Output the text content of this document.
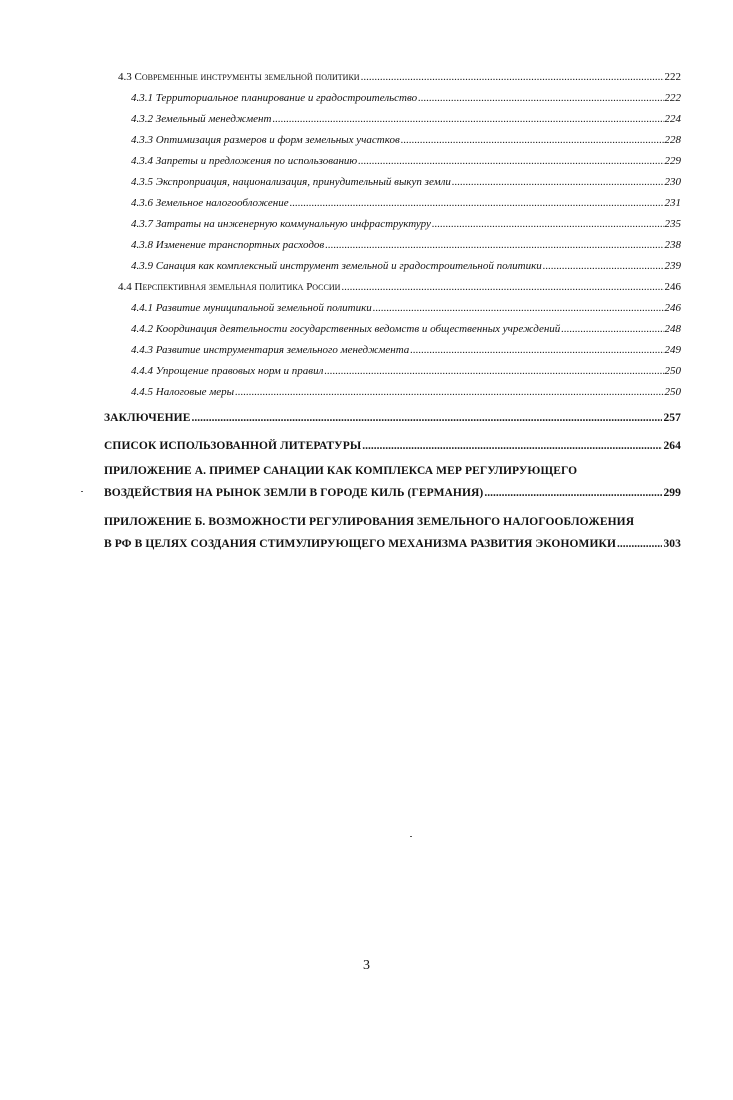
4.3 Современные инструменты земельной политики .....	222
4.3.1 Территориальное планирование и градостроительство .....	222
4.3.2 Земельный менеджмент .....	224
4.3.3 Оптимизация размеров и форм земельных участков .....	228
4.3.4 Запреты и предложения по использованию .....	229
4.3.5 Экспроприация, национализация, принудительный выкуп земли .....	230
4.3.6 Земельное налогообложение .....	231
4.3.7 Затраты на инженерную коммунальную инфраструктуру .....	235
4.3.8 Изменение транспортных расходов .....	238
4.3.9 Санация как комплексный инструмент земельной и градостроительной политики .....	239
4.4 Перспективная земельная политика России .....	246
4.4.1 Развитие муниципальной земельной политики .....	246
4.4.2 Координация деятельности государственных ведомств и общественных учреждений .....	248
4.4.3 Развитие инструментария земельного менеджмента .....	249
4.4.4 Упрощение правовых норм и правил .....	250
4.4.5 Налоговые меры .....	250
ЗАКЛЮЧЕНИЕ .....	257
СПИСОК ИСПОЛЬЗОВАННОЙ ЛИТЕРАТУРЫ .....	264
ПРИЛОЖЕНИЕ А. ПРИМЕР САНАЦИИ КАК КОМПЛЕКСА МЕР РЕГУЛИРУЮЩЕГО
ВОЗДЕЙСТВИЯ НА РЫНОК ЗЕМЛИ В ГОРОДЕ КИЛЬ (ГЕРМАНИЯ) .....	299
ПРИЛОЖЕНИЕ Б. ВОЗМОЖНОСТИ РЕГУЛИРОВАНИЯ ЗЕМЕЛЬНОГО НАЛОГООБЛОЖЕНИЯ
В РФ В ЦЕЛЯХ СОЗДАНИЯ СТИМУЛИРУЮЩЕГО МЕХАНИЗМА РАЗВИТИЯ ЭКОНОМИКИ .....	303
3
